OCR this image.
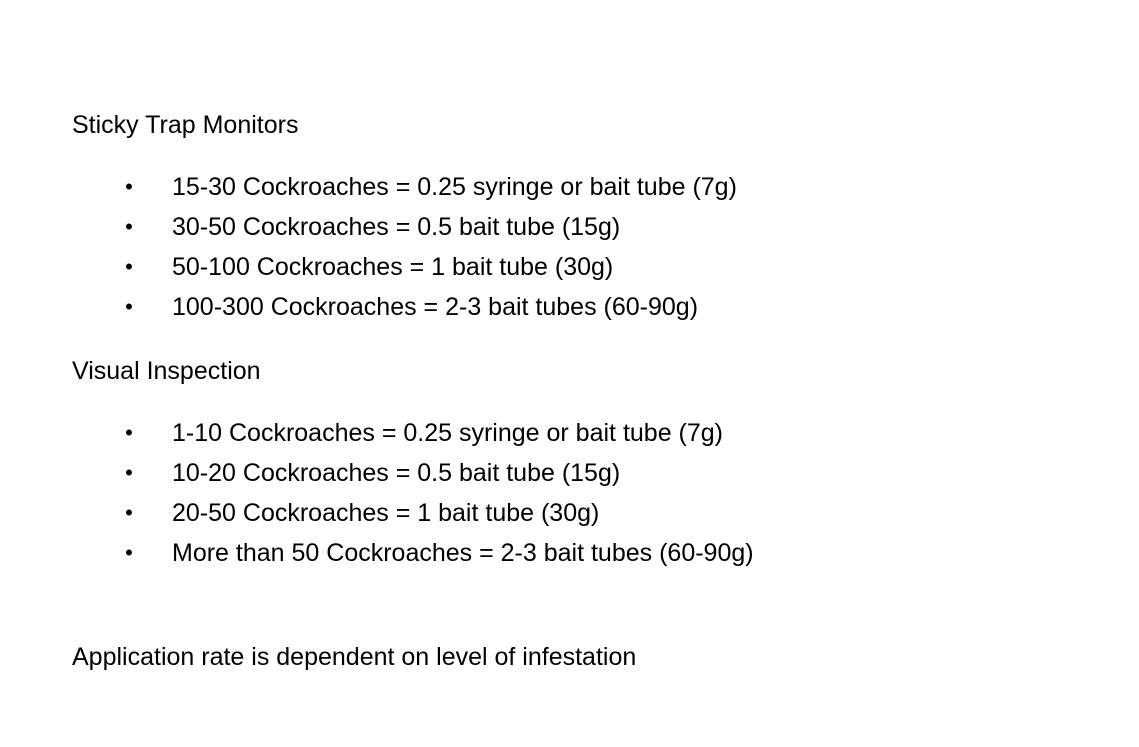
Sticky Trap Monitors
• 15-30 Cockroaches = 0.25 syringe or bait tube (7g)
• 30-50 Cockroaches = 0.5 bait tube (15g)
• 50-100 Cockroaches = 1 bait tube (30g)
• 100-300 Cockroaches = 2-3 bait tubes (60-90g)
Visual Inspection
• 1-10 Cockroaches = 0.25 syringe or bait tube (7g)
• 10-20 Cockroaches = 0.5 bait tube (15g)
• 20-50 Cockroaches = 1 bait tube (30g)
• More than 50 Cockroaches = 2-3 bait tubes (60-90g)
Application rate is dependent on level of infestation
